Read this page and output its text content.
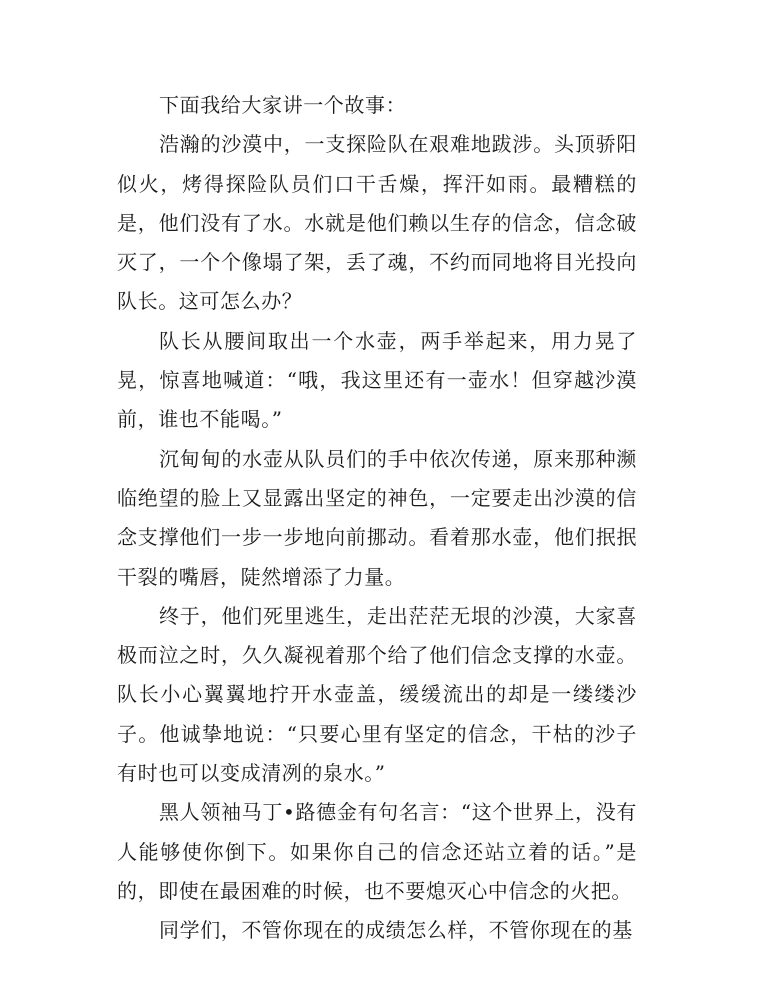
下面我给大家讲一个故事：

浩瀚的沙漠中，一支探险队在艰难地跋涉。头顶骄阳似火，烤得探险队员们口干舌燥，挥汗如雨。最糟糕的是，他们没有了水。水就是他们赖以生存的信念，信念破灭了，一个个像塌了架，丢了魂，不约而同地将目光投向队长。这可怎么办？

队长从腰间取出一个水壶，两手举起来，用力晃了晃，惊喜地喊道：“哦，我这里还有一壶水！但穿越沙漠前，谁也不能喝。”

沉甸甸的水壶从队员们的手中依次传递，原来那种濒临绝望的脸上又显露出坚定的神色，一定要走出沙漠的信念支撑他们一步一步地向前挪动。看着那水壶，他们抿抿干裂的嘴唇，陡然增添了力量。

终于，他们死里逃生，走出茫茫无垠的沙漠，大家喜极而泣之时，久久凝视着那个给了他们信念支撑的水壶。队长小心翼翼地拧开水壶盖，缓缓流出的却是一缕缕沙子。他诚挚地说：“只要心里有坚定的信念，干枯的沙子有时也可以变成清冽的泉水。”

黑人领袖马丁•路德金有句名言：“这个世界上，没有人能够使你倒下。如果你自己的信念还站立着的话。”是的，即使在最困难的时候，也不要熄灭心中信念的火把。

同学们，不管你现在的成绩怎么样，不管你现在的基
